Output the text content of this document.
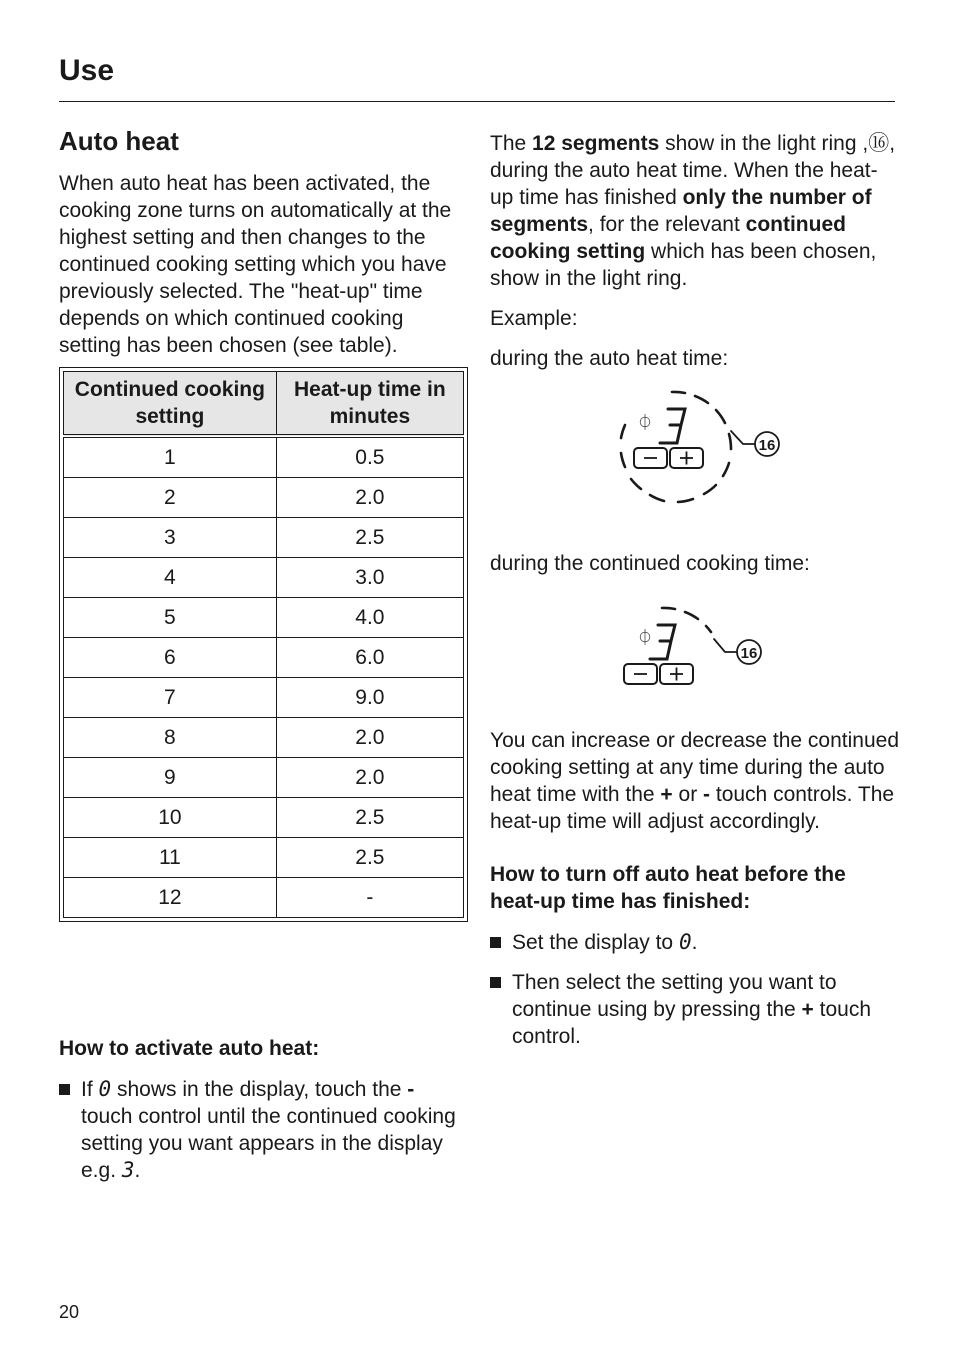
Use
Auto heat

When auto heat has been activated, the cooking zone turns on automatically at the highest setting and then changes to the continued cooking setting which you have previously selected. The "heat-up" time depends on which continued cooking setting has been chosen (see table).

Continued cooking setting	Heat-up time in minutes
1	0.5
2	2.0
3	2.5
4	3.0
5	4.0
6	6.0
7	9.0
8	2.0
9	2.0
10	2.5
11	2.5
12	-

How to activate auto heat:

If 0 shows in the display, touch the - touch control until the continued cooking setting you want appears in the display e.g. 3.

The 12 segments show in the light ring ,⑯, during the auto heat time. When the heat-up time has finished only the number of segments, for the relevant continued cooking setting which has been chosen, show in the light ring.

Example:

during the auto heat time:

16
⏀

during the continued cooking time:

16
⏀

You can increase or decrease the continued cooking setting at any time during the auto heat time with the + or - touch controls. The heat-up time will adjust accordingly.

How to turn off auto heat before the heat-up time has finished:

Set the display to 0.
Then select the setting you want to continue using by pressing the + touch control.
20
